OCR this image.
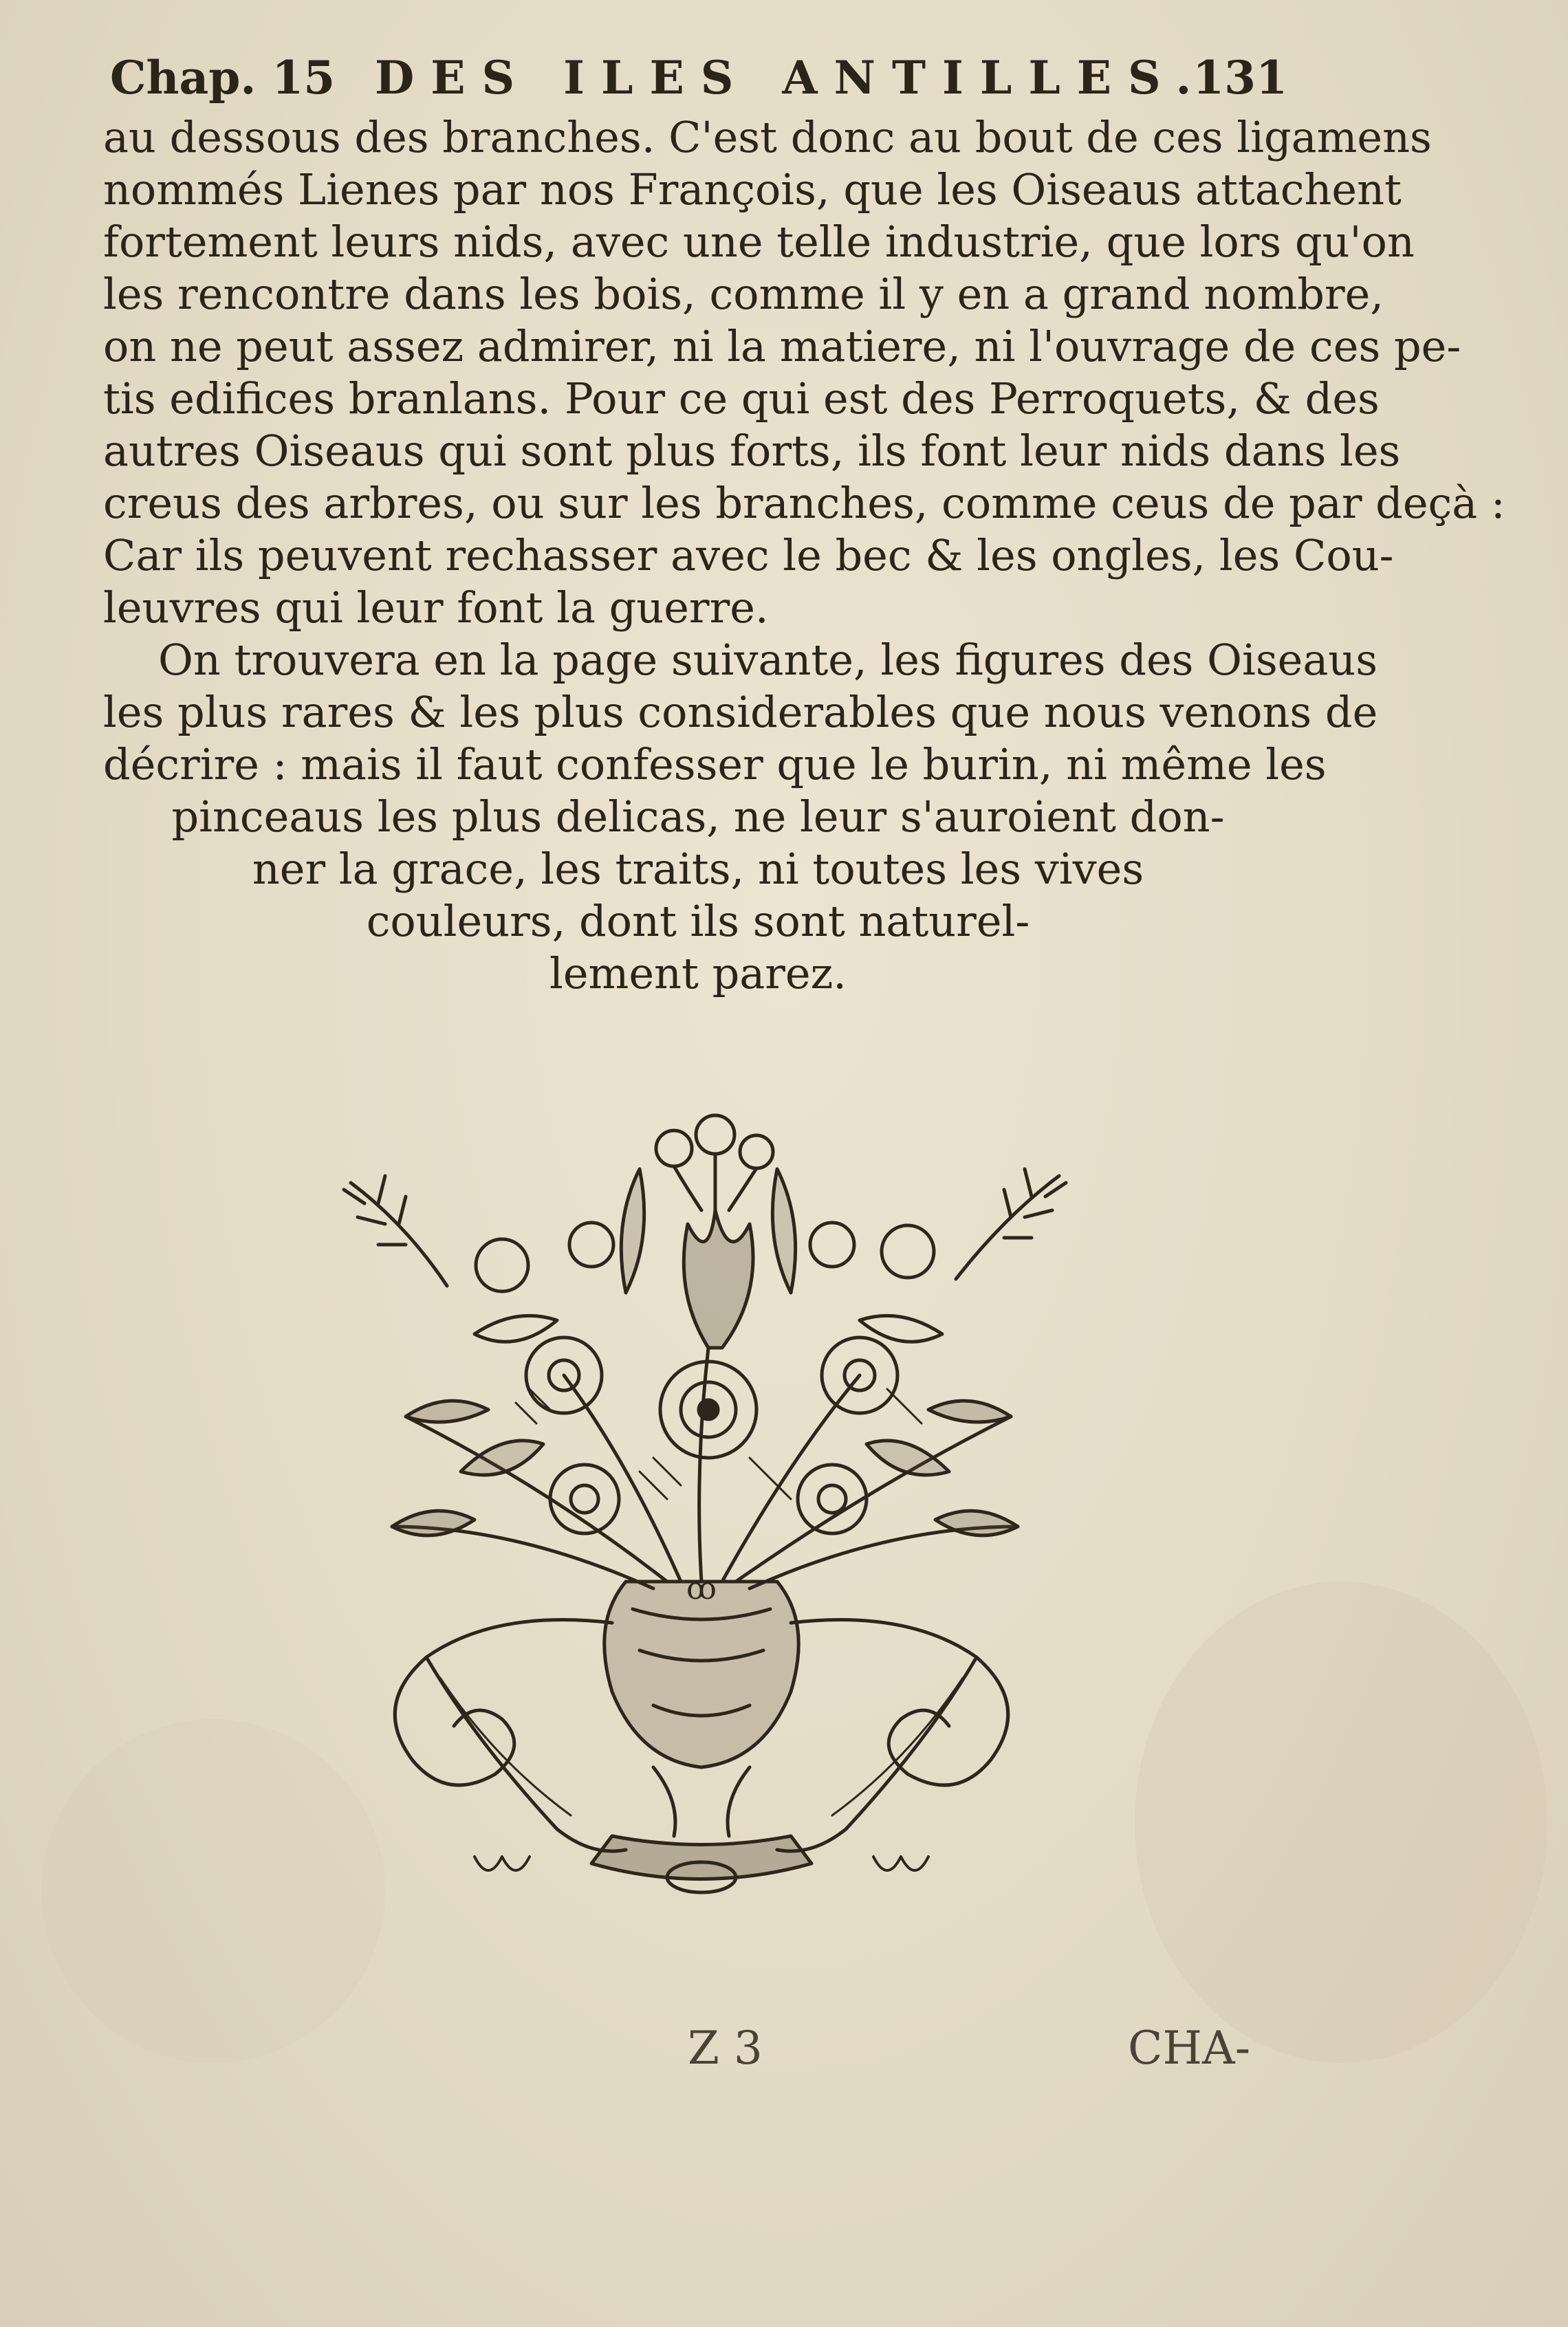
Chap. 15 DES ILES ANTILLES.
131
au dessous des branches. C'est donc au bout de ces ligamens
nommés Lienes par nos François, que les Oiseaus attachent
fortement leurs nids, avec une telle industrie, que lors qu'on
les rencontre dans les bois, comme il y en a grand nombre,
on ne peut assez admirer, ni la matiere, ni l'ouvrage de ces pe-
tis edifices branlans. Pour ce qui est des Perroquets, & des
autres Oiseaus qui sont plus forts, ils font leur nids dans les
creus des arbres, ou sur les branches, comme ceus de par deçà :
Car ils peuvent rechasser avec le bec & les ongles, les Cou-
leuvres qui leur font la guerre.
On trouvera en la page suivante, les figures des Oiseaus
les plus rares & les plus considerables que nous venons de
décrire : mais il faut confesser que le burin, ni même les
pinceaus les plus delicas, ne leur s'auroient don-
ner la grace, les traits, ni toutes les vives
couleurs, dont ils sont naturel-
lement parez.
ꝏ
Z 3	CHA-
